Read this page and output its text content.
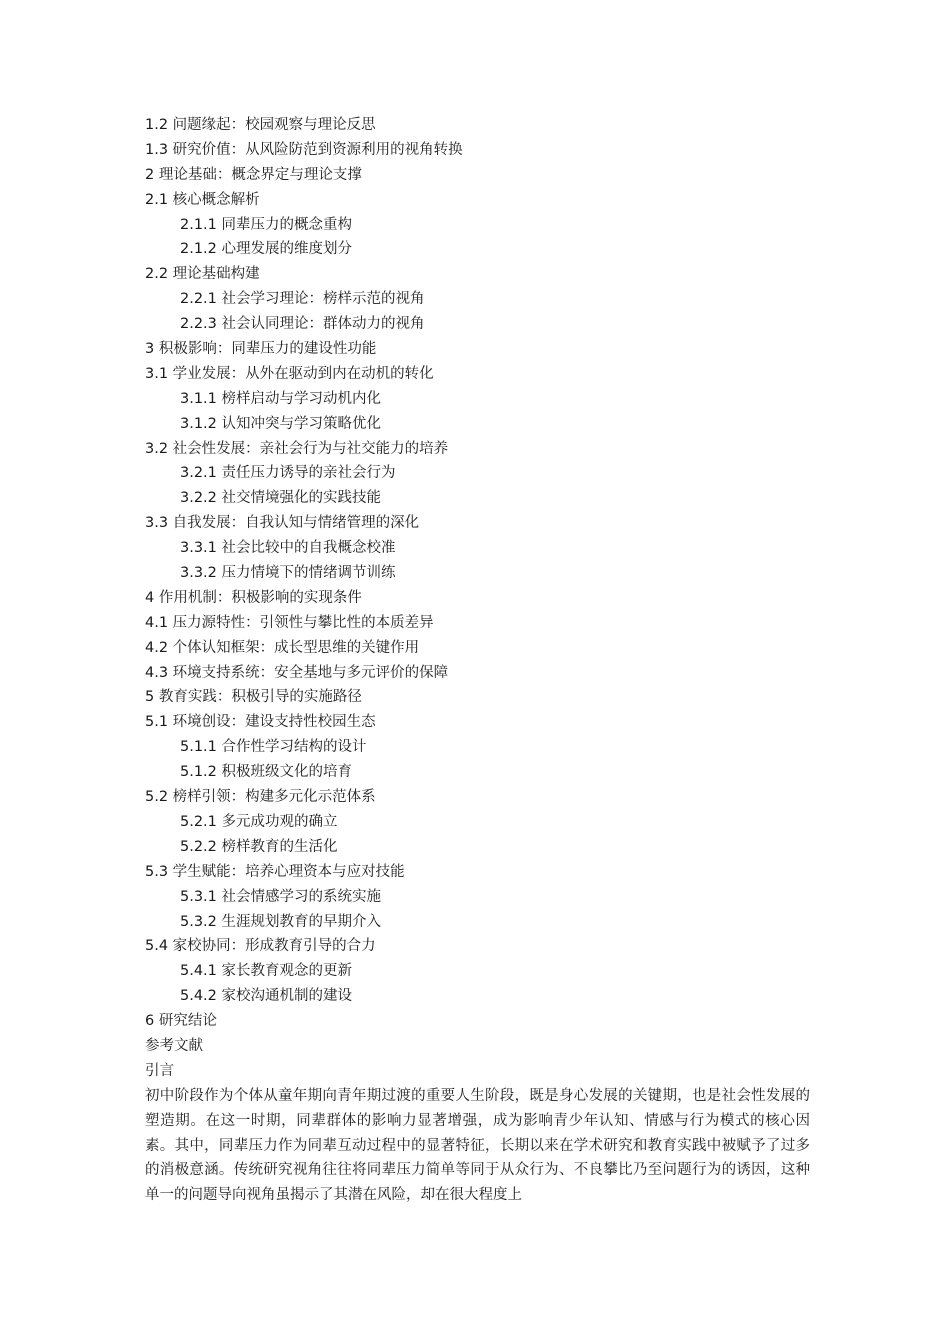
1.2 问题缘起：校园观察与理论反思
1.3 研究价值：从风险防范到资源利用的视角转换
2 理论基础：概念界定与理论支撑
2.1 核心概念解析
2.1.1 同辈压力的概念重构
2.1.2 心理发展的维度划分
2.2 理论基础构建
2.2.1 社会学习理论：榜样示范的视角
2.2.3 社会认同理论：群体动力的视角
3 积极影响：同辈压力的建设性功能
3.1 学业发展：从外在驱动到内在动机的转化
3.1.1 榜样启动与学习动机内化
3.1.2 认知冲突与学习策略优化
3.2 社会性发展：亲社会行为与社交能力的培养
3.2.1 责任压力诱导的亲社会行为
3.2.2 社交情境强化的实践技能
3.3 自我发展：自我认知与情绪管理的深化
3.3.1 社会比较中的自我概念校准
3.3.2 压力情境下的情绪调节训练
4 作用机制：积极影响的实现条件
4.1 压力源特性：引领性与攀比性的本质差异
4.2 个体认知框架：成长型思维的关键作用
4.3 环境支持系统：安全基地与多元评价的保障
5 教育实践：积极引导的实施路径
5.1 环境创设：建设支持性校园生态
5.1.1 合作性学习结构的设计
5.1.2 积极班级文化的培育
5.2 榜样引领：构建多元化示范体系
5.2.1 多元成功观的确立
5.2.2 榜样教育的生活化
5.3 学生赋能：培养心理资本与应对技能
5.3.1 社会情感学习的系统实施
5.3.2 生涯规划教育的早期介入
5.4 家校协同：形成教育引导的合力
5.4.1 家长教育观念的更新
5.4.2 家校沟通机制的建设
6 研究结论
参考文献
引言

初中阶段作为个体从童年期向青年期过渡的重要人生阶段，既是身心发展的关键期，也是社会性发展的塑造期。在这一时期，同辈群体的影响力显著增强，成为影响青少年认知、情感与行为模式的核心因素。其中，同辈压力作为同辈互动过程中的显著特征，长期以来在学术研究和教育实践中被赋予了过多的消极意涵。传统研究视角往往将同辈压力简单等同于从众行为、不良攀比乃至问题行为的诱因，这种单一的问题导向视角虽揭示了其潜在风险，却在很大程度上
